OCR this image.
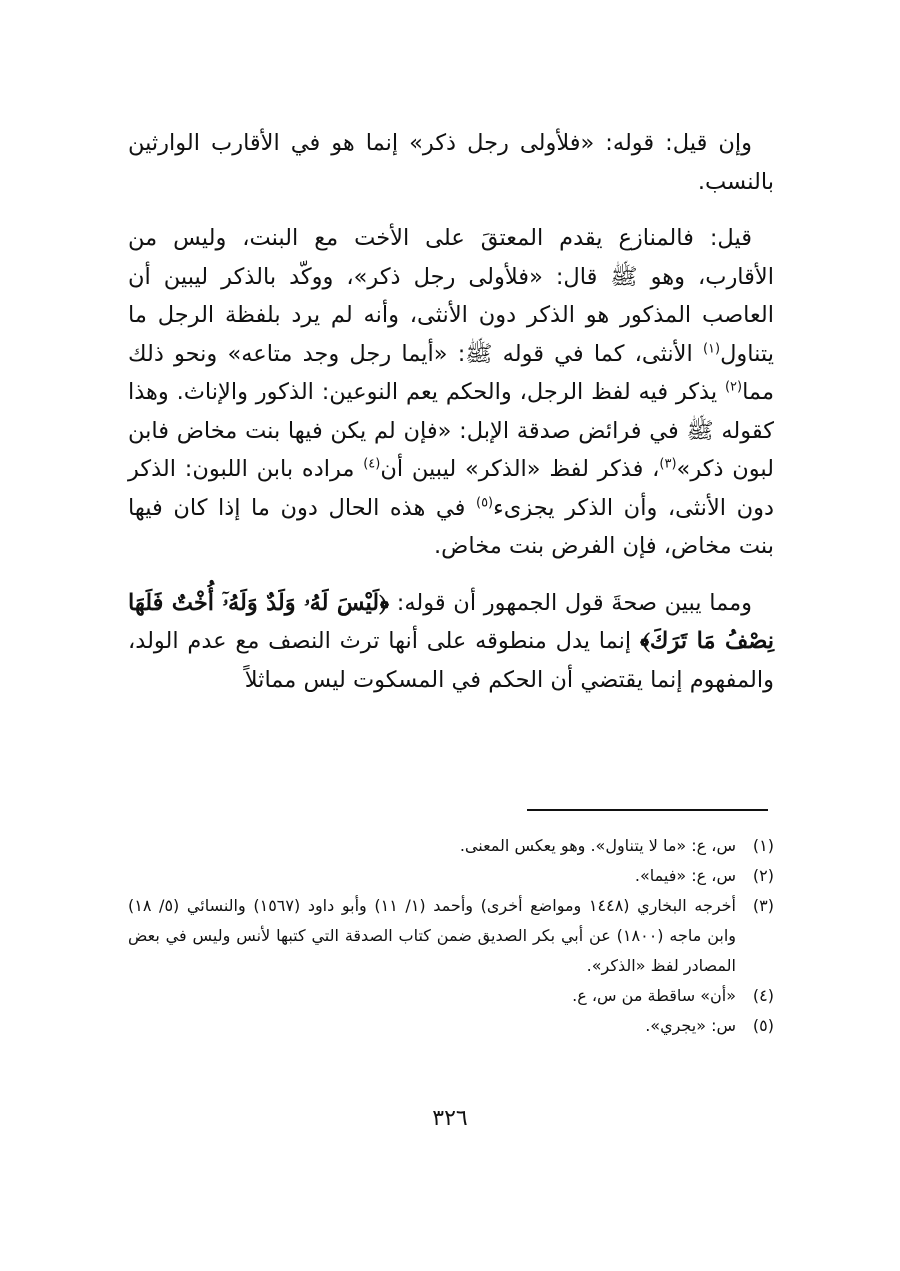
وإن قيل: قوله: «فلأولى رجل ذكر» إنما هو في الأقارب الوارثين بالنسب.

قيل: فالمنازع يقدم المعتقَ على الأخت مع البنت، وليس من الأقارب، وهو ﷺ قال: «فلأولى رجل ذكر»، ووكّد بالذكر ليبين أن العاصب المذكور هو الذكر دون الأنثى، وأنه لم يرد بلفظة الرجل ما يتناول$^{(١)}$ الأنثى، كما في قوله ﷺ: «أيما رجل وجد متاعه» ونحو ذلك مما$^{(٢)}$ يذكر فيه لفظ الرجل، والحكم يعم النوعين: الذكور والإناث. وهذا كقوله ﷺ في فرائض صدقة الإبل: «فإن لم يكن فيها بنت مخاض فابن لبون ذكر»$^{(٣)}$، فذكر لفظ «الذكر» ليبين أن$^{(٤)}$ مراده بابن اللبون: الذكر دون الأنثى، وأن الذكر يجزىء$^{(٥)}$ في هذه الحال دون ما إذا كان فيها بنت مخاض، فإن الفرض بنت مخاض.

ومما يبين صحةَ قول الجمهور أن قوله: ﴿لَيْسَ لَهُۥ وَلَدٌ وَلَهُۥٓ أُخْتٌ فَلَهَا نِصْفُ مَا تَرَكَ﴾ إنما يدل منطوقه على أنها ترث النصف مع عدم الولد، والمفهوم إنما يقتضي أن الحكم في المسكوت ليس مماثلاً

(١)
س، ع: «ما لا يتناول». وهو يعكس المعنى.
(٢)
س، ع: «فيما».
(٣)
أخرجه البخاري (١٤٤٨ ومواضع أخرى) وأحمد (١/ ١١) وأبو داود (١٥٦٧) والنسائي (٥/ ١٨) وابن ماجه (١٨٠٠) عن أبي بكر الصديق ضمن كتاب الصدقة التي كتبها لأنس وليس في بعض المصادر لفظ «الذكر».
(٤)
«أن» ساقطة من س، ع.
(٥)
س: «يجري».
٣٢٦
